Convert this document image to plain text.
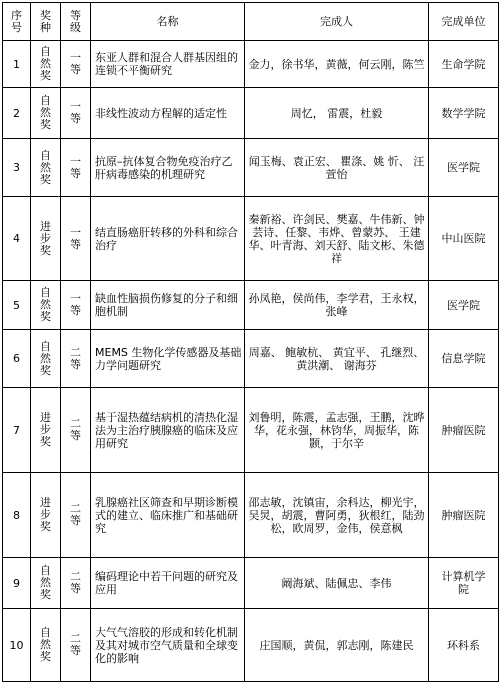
序号	奖种	等级	名称	完成人	完成单位
1	自然奖	一等	东亚人群和混合人群基因组的连锁不平衡研究	金力，徐书华，黄薇，何云刚，陈竺	生命学院
2	自然奖	一等	非线性波动方程解的适定性	周忆， 雷震，杜毅	数学学院
3	自然奖	一等	抗原–抗体复合物免疫治疗乙肝病毒感染的机理研究	闻玉梅、袁正宏、 瞿涤、姚 忻、 汪萱怡	医学院
4	进步奖	一等	结直肠癌肝转移的外科和综合治疗	秦新裕、许剑民、樊嘉、牛伟新、钟芸诗、任黎、韦烨、曾蒙苏、 王建华、叶青海、刘天舒、陆文彬、朱德祥	中山医院
5	自然奖	一等	缺血性脑损伤修复的分子和细胞机制	孙凤艳，侯尚伟，李学君，王永权，张峰	医学院
6	自然奖	二等	MEMS 生物化学传感器及基础力学问题研究	周嘉、 鲍敏杭、 黄宜平、 孔继烈、 黄洪潮、 谢海芬	信息学院
7	进步奖	二等	基于湿热蕴结病机的清热化湿法为主治疗胰腺癌的临床及应用研究	刘鲁明，陈震，孟志强，王鹏，沈晔华，花永强，林钧华，周振华，陈颢，于尔辛	肿瘤医院
8	进步奖	二等	乳腺癌社区筛查和早期诊断模式的建立、临床推广和基础研究	邵志敏，沈镇宙，余科达，柳光宇，吴炅，胡震，曹阿勇，狄根红，陆劲松，欧周罗，金伟，侯意枫	肿瘤医院
9	自然奖	二等	编码理论中若干问题的研究及应用	阚海斌、陆佩忠、李伟	计算机学院
10	自然奖	二等	大气气溶胶的形成和转化机制及其对城市空气质量和全球变化的影响	庄国顺，黄侃，郭志刚，陈建民	环科系
